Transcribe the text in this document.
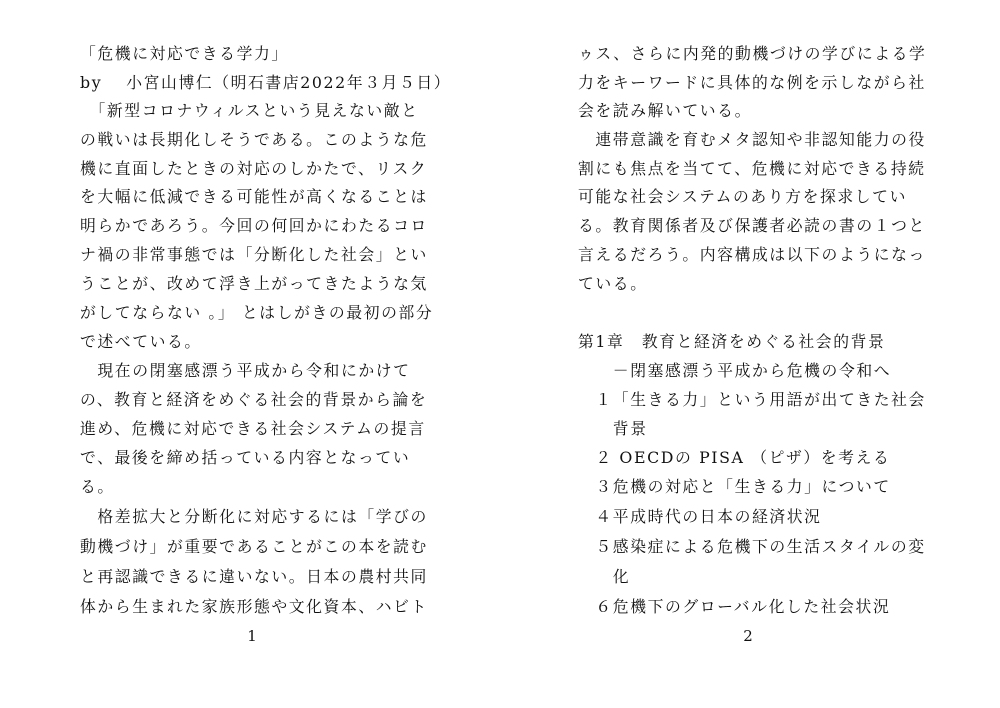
「危機に対応できる学力」
by　 小宮山博仁（明石書店2022年３月５日）
　「新型コロナウィルスという見えない敵と
の戦いは長期化しそうである。このような危
機に直面したときの対応のしかたで、リスク
を大幅に低減できる可能性が高くなることは
明らかであろう。今回の何回かにわたるコロ
ナ禍の非常事態では「分断化した社会」とい
うことが、改めて浮き上がってきたような気
がしてならない 。」 とはしがきの最初の部分
で述べている。
　現在の閉塞感漂う平成から令和にかけて
の、教育と経済をめぐる社会的背景から論を
進め、危機に対応できる社会システムの提言
で、最後を締め括っている内容となってい
る。
　格差拡大と分断化に対応するには「学びの
動機づけ」が重要であることがこの本を読む
と再認識できるに違いない。日本の農村共同
体から生まれた家族形態や文化資本、ハビト
1
ゥス、さらに内発的動機づけの学びによる学
力をキーワードに具体的な例を示しながら社
会を読み解いている。
　連帯意識を育むメタ認知や非認知能力の役
割にも焦点を当てて、危機に対応できる持続
可能な社会システムのあり方を探求してい
る。教育関係者及び保護者必読の書の１つと
言えるだろう。内容構成は以下のようになっ
ている。
第1章　教育と経済をめぐる社会的背景
　　－閉塞感漂う平成から危機の令和へ
　１「生きる力」という用語が出てきた社会
　　背景
　２ OECDの PISA （ピザ）を考える
　３危機の対応と「生きる力」について
　４平成時代の日本の経済状況
　５感染症による危機下の生活スタイルの変
　　化
　６危機下のグローバル化した社会状況
2
